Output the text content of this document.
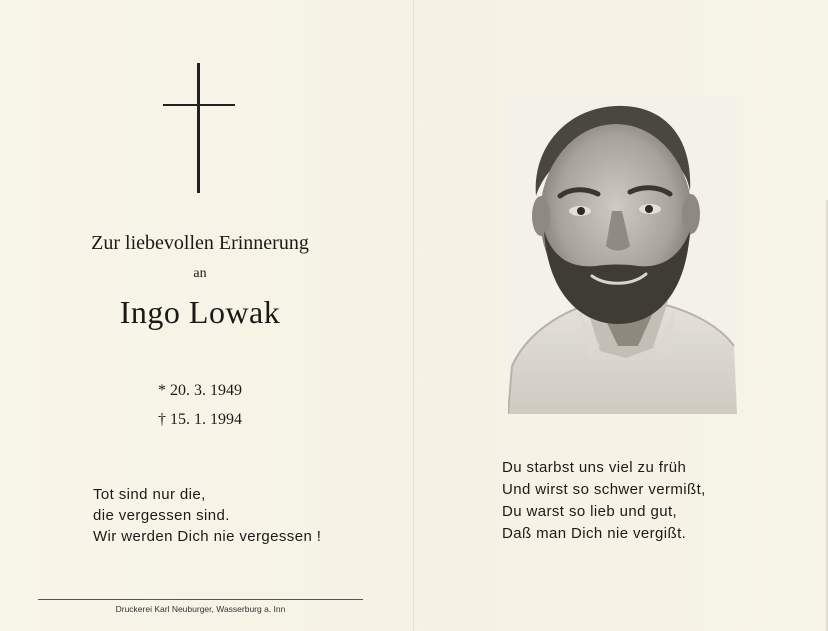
Zur liebevollen Erinnerung
an
Ingo Lowak
* 20. 3. 1949
† 15. 1. 1994
Tot sind nur die,
die vergessen sind.
Wir werden Dich nie vergessen !
Druckerei Karl Neuburger, Wasserburg a. Inn
Du starbst uns viel zu früh
Und wirst so schwer vermißt,
Du warst so lieb und gut,
Daß man Dich nie vergißt.
